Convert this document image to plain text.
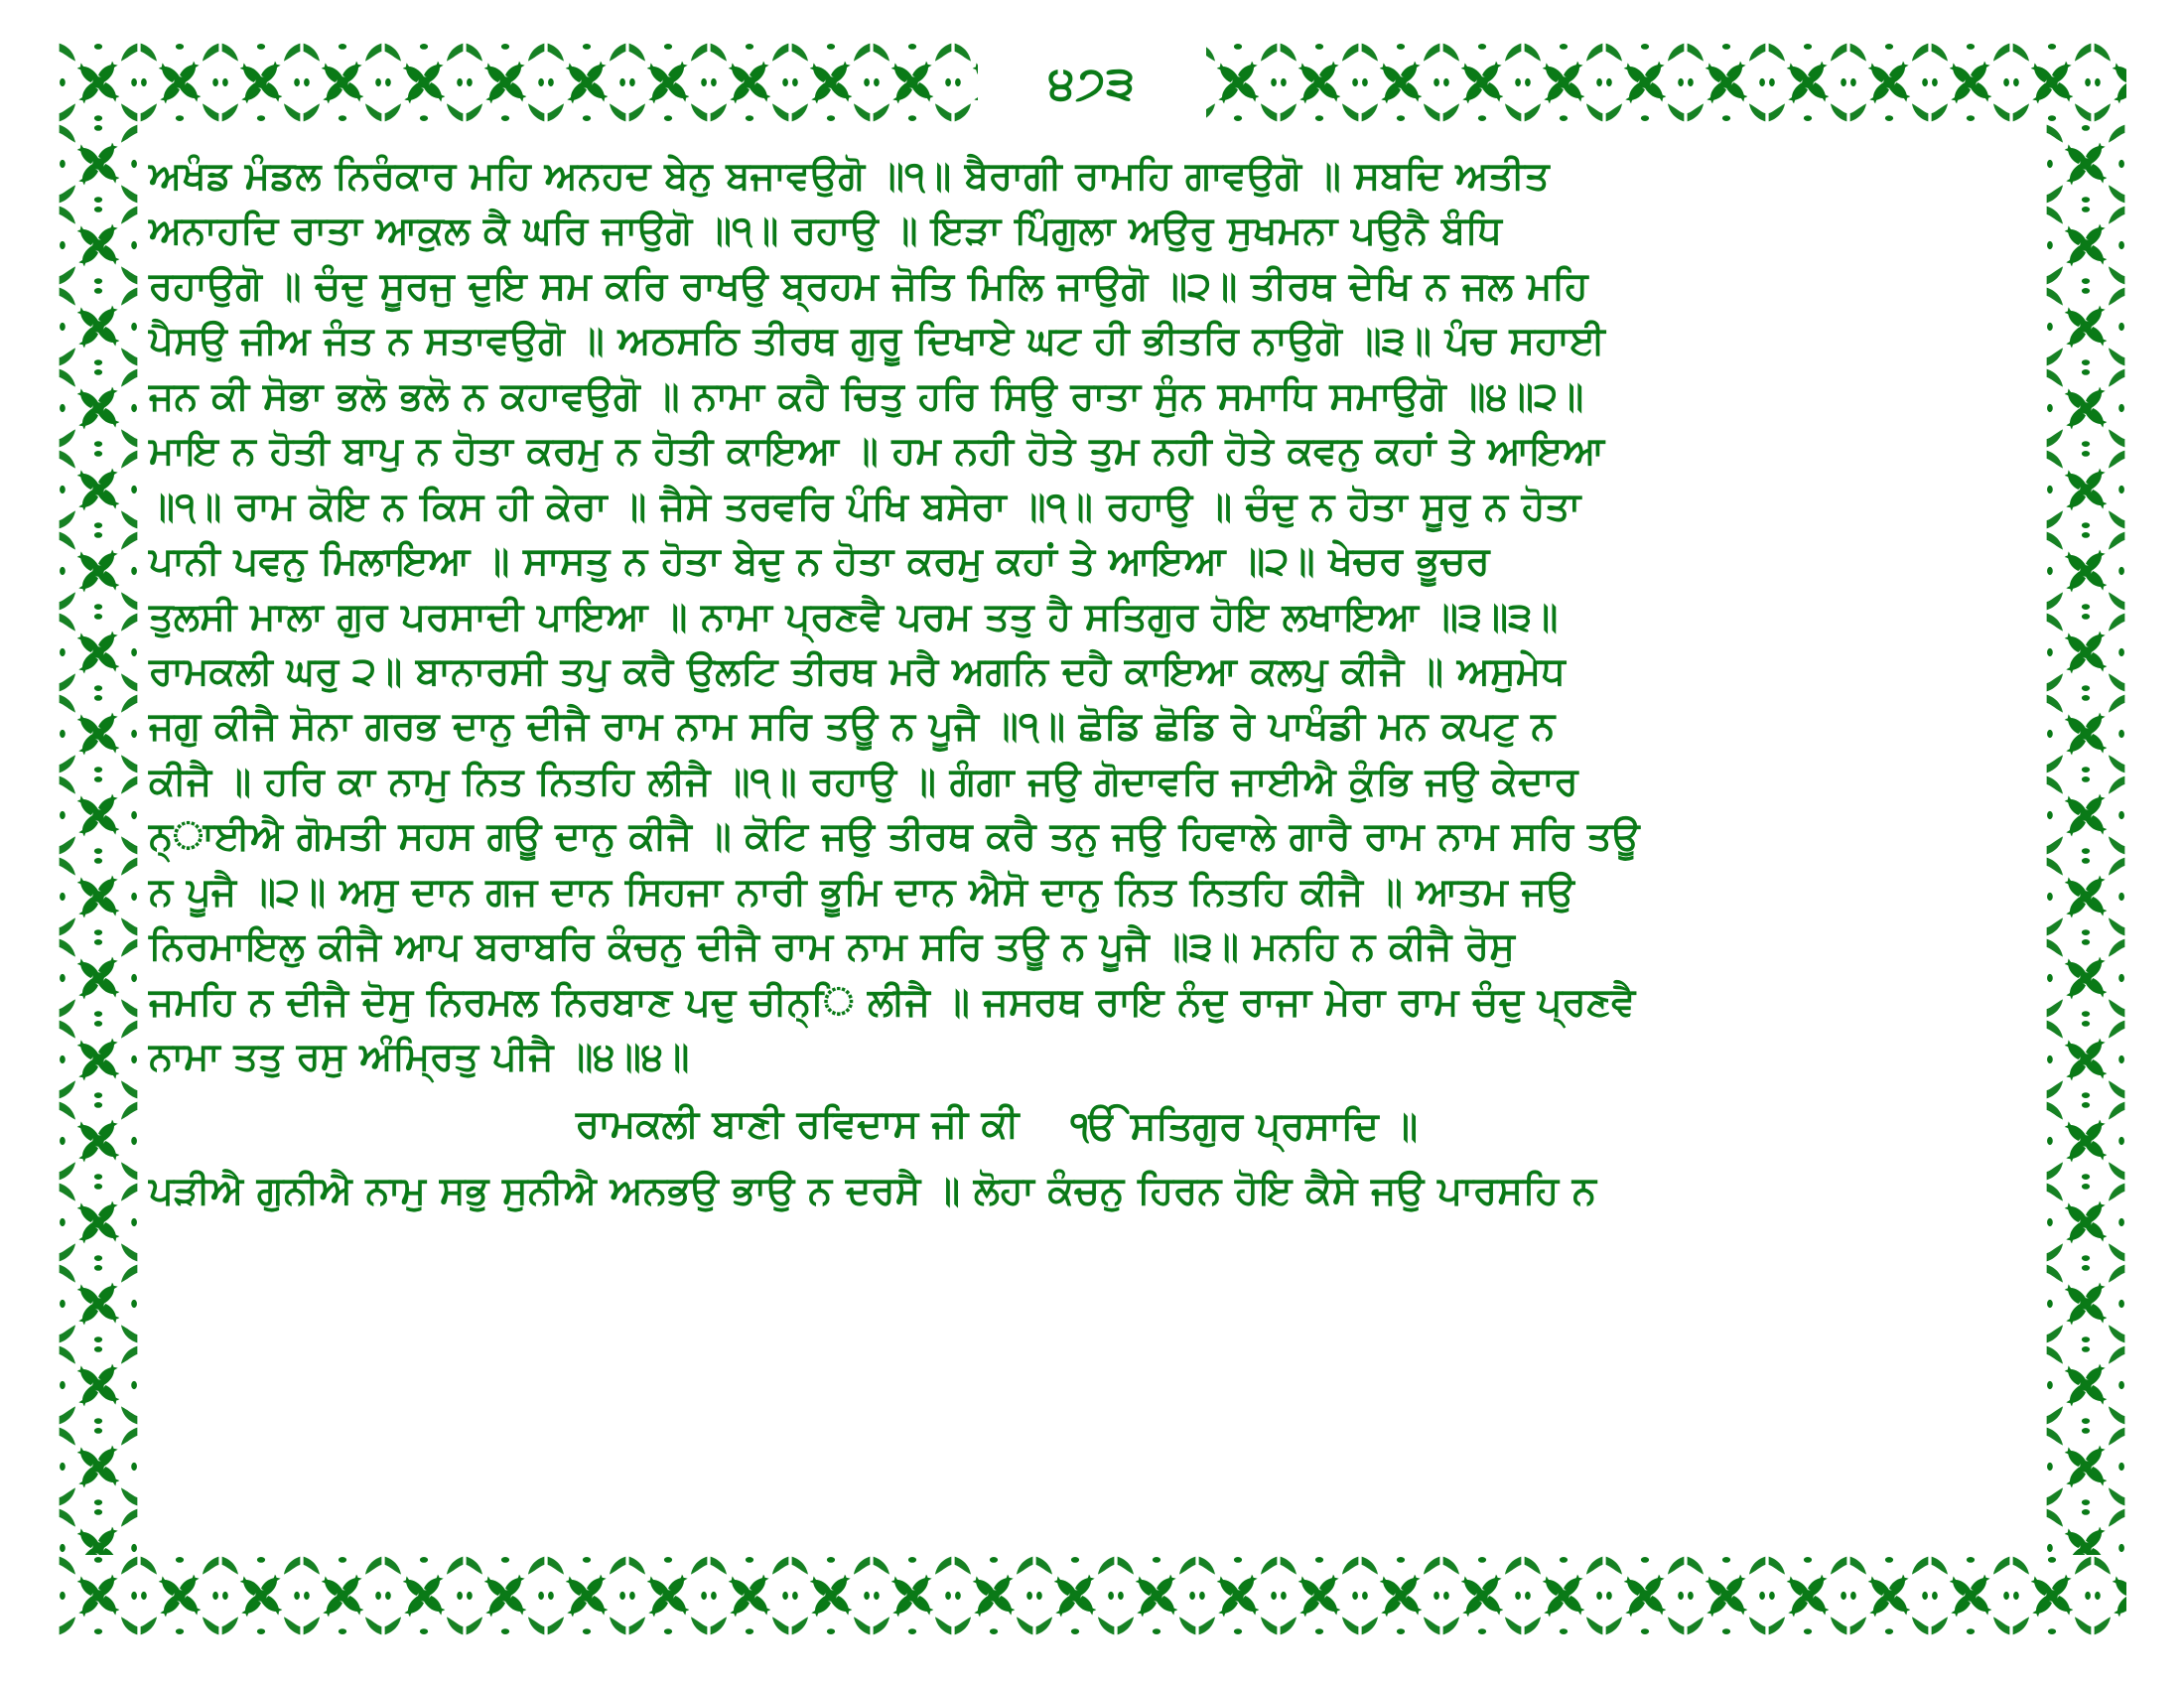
੪੭੩
ਅਖੰਡ ਮੰਡਲ ਨਿਰੰਕਾਰ ਮਹਿ ਅਨਹਦ ਬੇਨੁ ਬਜਾਵਉਗੋ ॥੧॥ ਬੈਰਾਗੀ ਰਾਮਹਿ ਗਾਵਉਗੋ ॥ ਸਬਦਿ ਅਤੀਤ
ਅਨਾਹਦਿ ਰਾਤਾ ਆਕੁਲ ਕੈ ਘਰਿ ਜਾਉਗੋ ॥੧॥ ਰਹਾਉ ॥ ਇੜਾ ਪਿੰਗੁਲਾ ਅਉਰੁ ਸੁਖਮਨਾ ਪਉਨੈ ਬੰਧਿ
ਰਹਾਉਗੋ ॥ ਚੰਦੁ ਸੂਰਜੁ ਦੁਇ ਸਮ ਕਰਿ ਰਾਖਉ ਬ੍ਰਹਮ ਜੋਤਿ ਮਿਲਿ ਜਾਉਗੋ ॥੨॥ ਤੀਰਥ ਦੇਖਿ ਨ ਜਲ ਮਹਿ
ਪੈਸਉ ਜੀਅ ਜੰਤ ਨ ਸਤਾਵਉਗੋ ॥ ਅਠਸਠਿ ਤੀਰਥ ਗੁਰੂ ਦਿਖਾਏ ਘਟ ਹੀ ਭੀਤਰਿ ਨਾਉਗੋ ॥੩॥ ਪੰਚ ਸਹਾਈ
ਜਨ ਕੀ ਸੋਭਾ ਭਲੋ ਭਲੋ ਨ ਕਹਾਵਉਗੋ ॥ ਨਾਮਾ ਕਹੈ ਚਿਤੁ ਹਰਿ ਸਿਉ ਰਾਤਾ ਸੁੰਨ ਸਮਾਧਿ ਸਮਾਉਗੋ ॥੪॥੨॥
ਮਾਇ ਨ ਹੋਤੀ ਬਾਪੁ ਨ ਹੋਤਾ ਕਰਮੁ ਨ ਹੋਤੀ ਕਾਇਆ ॥ ਹਮ ਨਹੀ ਹੋਤੇ ਤੁਮ ਨਹੀ ਹੋਤੇ ਕਵਨੁ ਕਹਾਂ ਤੇ ਆਇਆ
॥੧॥ ਰਾਮ ਕੋਇ ਨ ਕਿਸ ਹੀ ਕੇਰਾ ॥ ਜੈਸੇ ਤਰਵਰਿ ਪੰਖਿ ਬਸੇਰਾ ॥੧॥ ਰਹਾਉ ॥ ਚੰਦੁ ਨ ਹੋਤਾ ਸੂਰੁ ਨ ਹੋਤਾ
ਪਾਨੀ ਪਵਨੁ ਮਿਲਾਇਆ ॥ ਸਾਸਤੁ ਨ ਹੋਤਾ ਬੇਦੁ ਨ ਹੋਤਾ ਕਰਮੁ ਕਹਾਂ ਤੇ ਆਇਆ ॥੨॥ ਖੇਚਰ ਭੂਚਰ
ਤੁਲਸੀ ਮਾਲਾ ਗੁਰ ਪਰਸਾਦੀ ਪਾਇਆ ॥ ਨਾਮਾ ਪ੍ਰਣਵੈ ਪਰਮ ਤਤੁ ਹੈ ਸਤਿਗੁਰ ਹੋਇ ਲਖਾਇਆ ॥੩॥੩॥
ਰਾਮਕਲੀ ਘਰੁ ੨॥ ਬਾਨਾਰਸੀ ਤਪੁ ਕਰੈ ਉਲਟਿ ਤੀਰਥ ਮਰੈ ਅਗਨਿ ਦਹੈ ਕਾਇਆ ਕਲਪੁ ਕੀਜੈ ॥ ਅਸੁਮੇਧ
ਜਗੁ ਕੀਜੈ ਸੋਨਾ ਗਰਭ ਦਾਨੁ ਦੀਜੈ ਰਾਮ ਨਾਮ ਸਰਿ ਤਊ ਨ ਪੂਜੈ ॥੧॥ ਛੋਡਿ ਛੋਡਿ ਰੇ ਪਾਖੰਡੀ ਮਨ ਕਪਟੁ ਨ
ਕੀਜੈ ॥ ਹਰਿ ਕਾ ਨਾਮੁ ਨਿਤ ਨਿਤਹਿ ਲੀਜੈ ॥੧॥ ਰਹਾਉ ॥ ਗੰਗਾ ਜਉ ਗੋਦਾਵਰਿ ਜਾਈਐ ਕੁੰਭਿ ਜਉ ਕੇਦਾਰ
ਨ੍ਾਈਐ ਗੋਮਤੀ ਸਹਸ ਗਊ ਦਾਨੁ ਕੀਜੈ ॥ ਕੋਟਿ ਜਉ ਤੀਰਥ ਕਰੈ ਤਨੁ ਜਉ ਹਿਵਾਲੇ ਗਾਰੈ ਰਾਮ ਨਾਮ ਸਰਿ ਤਊ
ਨ ਪੂਜੈ ॥੨॥ ਅਸੁ ਦਾਨ ਗਜ ਦਾਨ ਸਿਹਜਾ ਨਾਰੀ ਭੂਮਿ ਦਾਨ ਐਸੋ ਦਾਨੁ ਨਿਤ ਨਿਤਹਿ ਕੀਜੈ ॥ ਆਤਮ ਜਉ
ਨਿਰਮਾਇਲੁ ਕੀਜੈ ਆਪ ਬਰਾਬਰਿ ਕੰਚਨੁ ਦੀਜੈ ਰਾਮ ਨਾਮ ਸਰਿ ਤਊ ਨ ਪੂਜੈ ॥੩॥ ਮਨਹਿ ਨ ਕੀਜੈ ਰੋਸੁ
ਜਮਹਿ ਨ ਦੀਜੈ ਦੋਸੁ ਨਿਰਮਲ ਨਿਰਬਾਣ ਪਦੁ ਚੀਨ੍ਿ ਲੀਜੈ ॥ ਜਸਰਥ ਰਾਇ ਨੰਦੁ ਰਾਜਾ ਮੇਰਾ ਰਾਮ ਚੰਦੁ ਪ੍ਰਣਵੈ
ਨਾਮਾ ਤਤੁ ਰਸੁ ਅੰਮ੍ਰਿਤੁ ਪੀਜੈ ॥੪॥੪॥
ਰਾਮਕਲੀ ਬਾਣੀ ਰਵਿਦਾਸ ਜੀ ਕੀ ੴ ਸਤਿਗੁਰ ਪ੍ਰਸਾਦਿ ॥
ਪੜੀਐ ਗੁਨੀਐ ਨਾਮੁ ਸਭੁ ਸੁਨੀਐ ਅਨਭਉ ਭਾਉ ਨ ਦਰਸੈ ॥ ਲੋਹਾ ਕੰਚਨੁ ਹਿਰਨ ਹੋਇ ਕੈਸੇ ਜਉ ਪਾਰਸਹਿ ਨ
